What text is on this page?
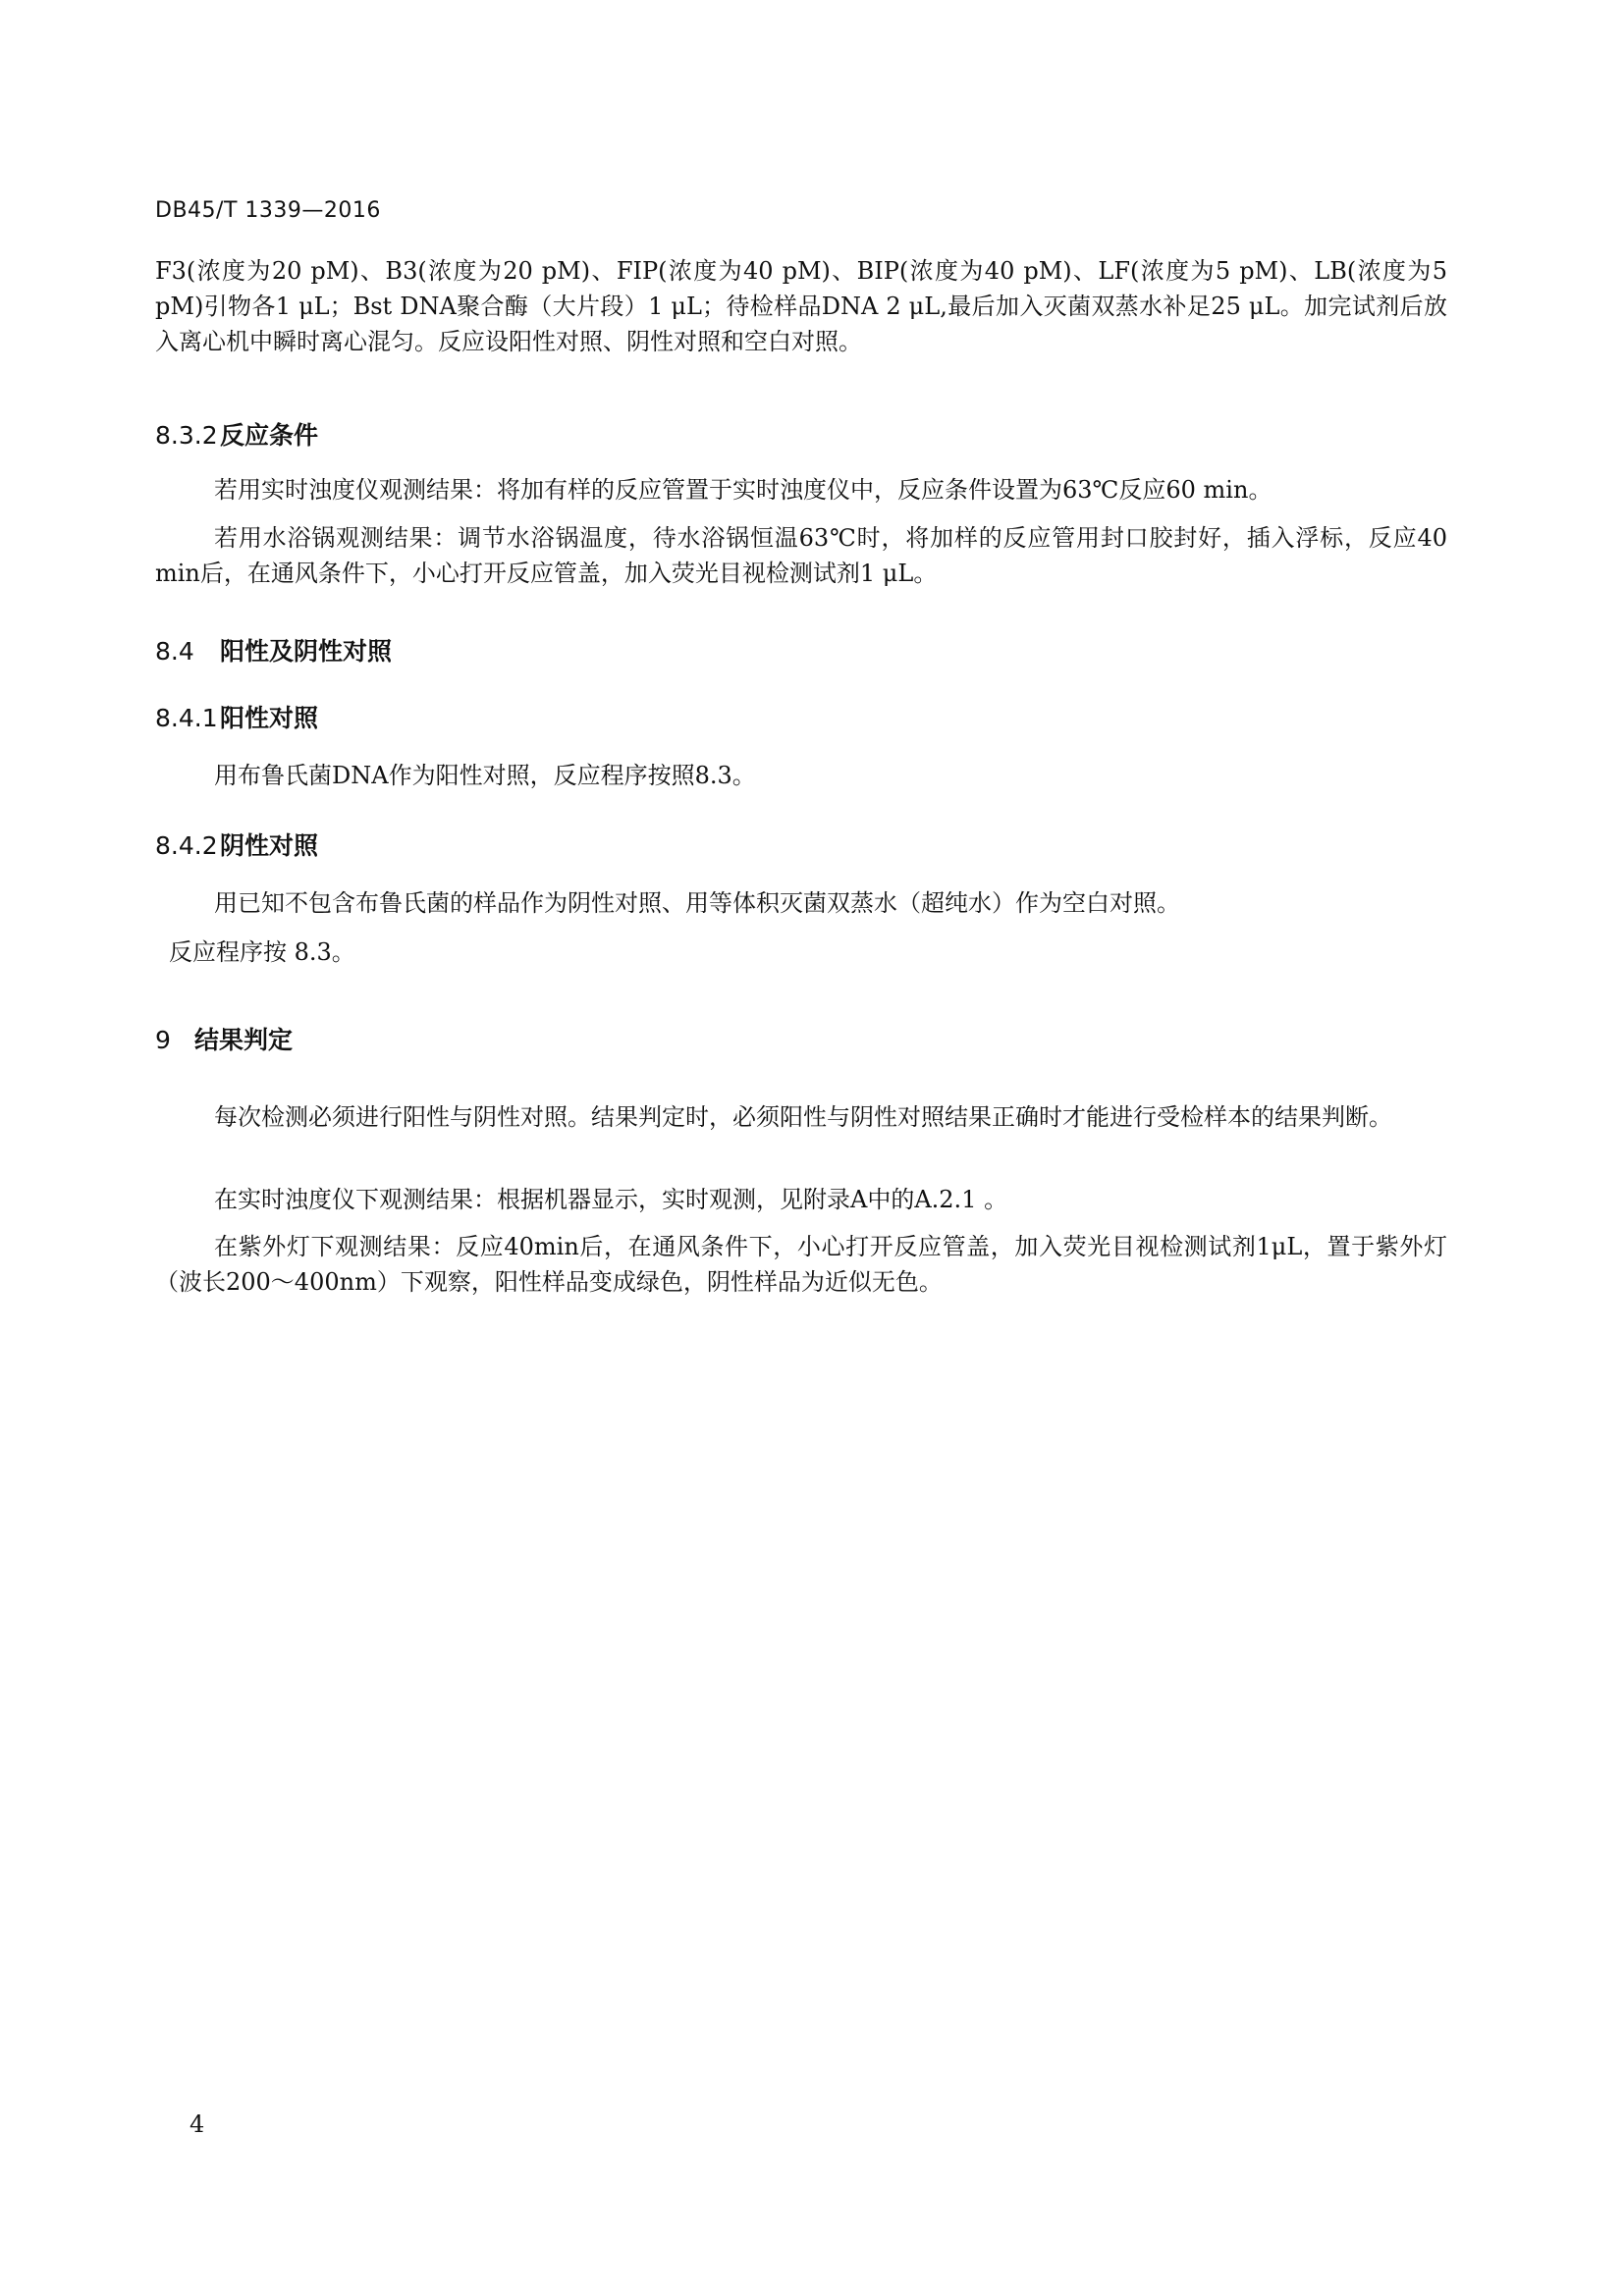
DB45/T 1339—2016

F3(浓度为20 pM)、B3(浓度为20 pM)、FIP(浓度为40 pM)、BIP(浓度为40 pM)、LF(浓度为5 pM)、LB(浓度为5 pM)引物各1 μL；Bst DNA聚合酶（大片段）1 μL；待检样品DNA 2 μL,最后加入灭菌双蒸水补足25 μL。加完试剂后放入离心机中瞬时离心混匀。反应设阳性对照、阴性对照和空白对照。

8.3.2反应条件

若用实时浊度仪观测结果：将加有样的反应管置于实时浊度仪中，反应条件设置为63℃反应60 min。

若用水浴锅观测结果：调节水浴锅温度，待水浴锅恒温63℃时，将加样的反应管用封口胶封好，插入浮标，反应40 min后，在通风条件下，小心打开反应管盖，加入荧光目视检测试剂1 μL。

8.4 阳性及阴性对照
8.4.1阳性对照

用布鲁氏菌DNA作为阳性对照，反应程序按照8.3。

8.4.2阴性对照

用已知不包含布鲁氏菌的样品作为阴性对照、用等体积灭菌双蒸水（超纯水）作为空白对照。

反应程序按 8.3。

9 结果判定

每次检测必须进行阳性与阴性对照。结果判定时，必须阳性与阴性对照结果正确时才能进行受检样本的结果判断。

在实时浊度仪下观测结果：根据机器显示，实时观测，见附录A中的A.2.1 。

在紫外灯下观测结果：反应40min后，在通风条件下，小心打开反应管盖，加入荧光目视检测试剂1μL，置于紫外灯（波长200～400nm）下观察，阳性样品变成绿色，阴性样品为近似无色。

4
